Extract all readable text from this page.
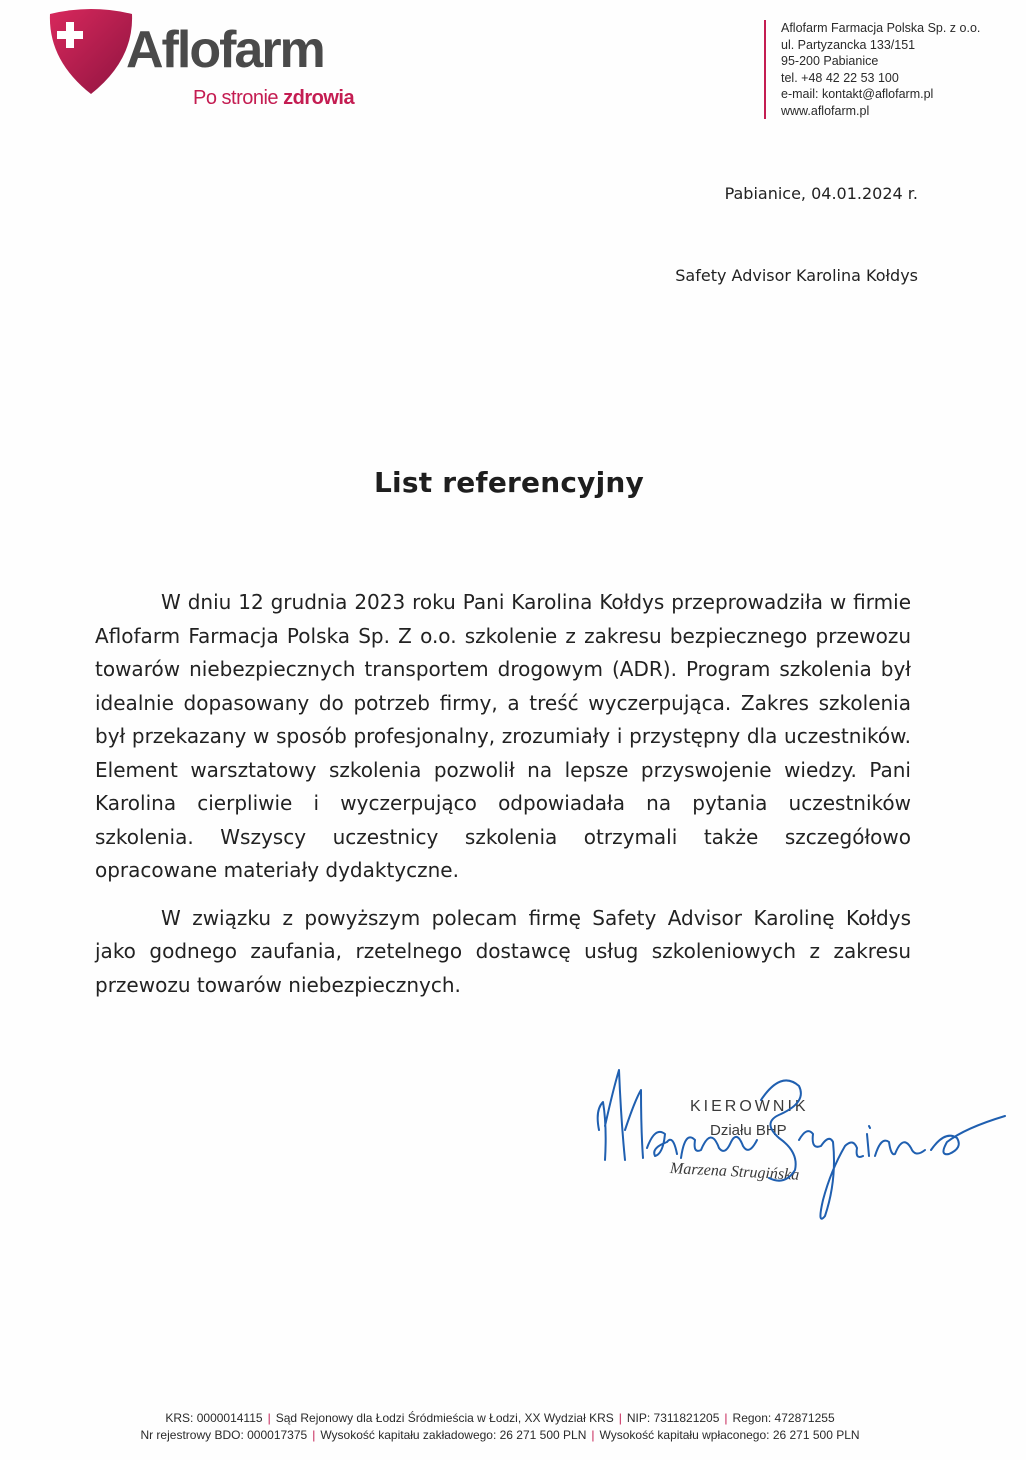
Aflofarm
Po stronie zdrowia
Aflofarm Farmacja Polska Sp. z o.o.
ul. Partyzancka 133/151
95-200 Pabianice
tel. +48 42 22 53 100
e-mail: kontakt@aflofarm.pl
www.aflofarm.pl
Pabianice, 04.01.2024 r.
Safety Advisor Karolina Kołdys
List referencyjny

W dniu 12 grudnia 2023 roku Pani Karolina Kołdys przeprowadziła w firmie Aflofarm Farmacja Polska Sp. Z o.o. szkolenie z zakresu bezpiecznego przewozu towarów niebezpiecznych transportem drogowym (ADR). Program szkolenia był idealnie dopasowany do potrzeb firmy, a treść wyczerpująca. Zakres szkolenia był przekazany w sposób profesjonalny, zrozumiały i przystępny dla uczestników. Element warsztatowy szkolenia pozwolił na lepsze przyswojenie wiedzy. Pani Karolina cierpliwie i wyczerpująco odpowiadała na pytania uczestników szkolenia. Wszyscy uczestnicy szkolenia otrzymali także szczegółowo opracowane materiały dydaktyczne.

W związku z powyższym polecam firmę Safety Advisor Karolinę Kołdys jako godnego zaufania, rzetelnego dostawcę usług szkoleniowych z zakresu przewozu towarów niebezpiecznych.

KIEROWNIK
Działu BHP
Marzena Strugińska
KRS: 0000014115 | Sąd Rejonowy dla Łodzi Śródmieścia w Łodzi, XX Wydział KRS | NIP: 7311821205 | Regon: 472871255
Nr rejestrowy BDO: 000017375 | Wysokość kapitału zakładowego: 26 271 500 PLN | Wysokość kapitału wpłaconego: 26 271 500 PLN
